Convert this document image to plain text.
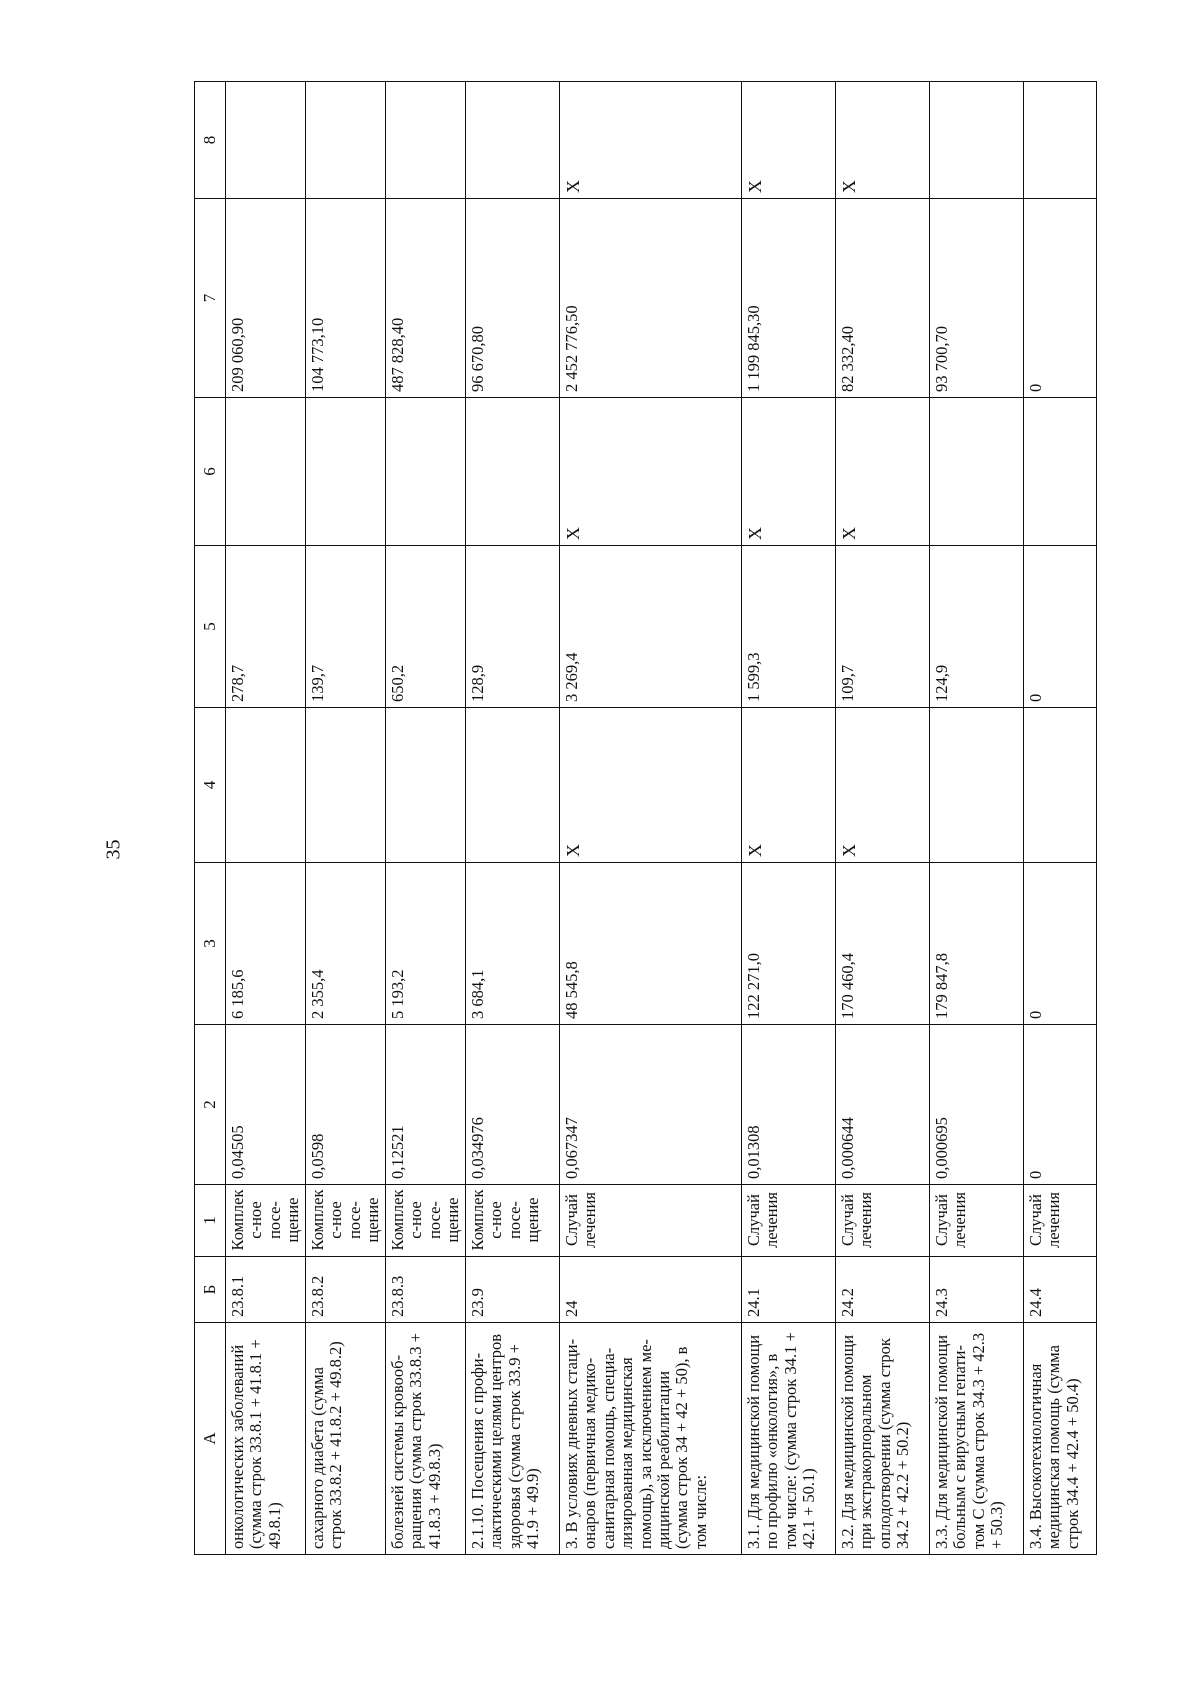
35
А	Б	1	2	3	4	5	6	7	8
онкологических заболеваний (сумма строк 33.8.1 + 41.8.1 + 49.8.1)	23.8.1	Комплекс-ное посе-щение	0,04505	6 185,6		278,7		209 060,90	
сахарного диабета (сумма строк 33.8.2 + 41.8.2 + 49.8.2)	23.8.2	Комплекс-ное посе-щение	0,0598	2 355,4		139,7		104 773,10	
болезней системы кровооб-ращения (сумма строк 33.8.3 + 41.8.3 + 49.8.3)	23.8.3	Комплекс-ное посе-щение	0,12521	5 193,2		650,2		487 828,40	
2.1.10. Посещения с профи-лактическими целями центров здоровья (сумма строк 33.9 + 41.9 + 49.9)	23.9	Комплекс-ное посе-щение	0,034976	3 684,1		128,9		96 670,80	
3. В условиях дневных стаци-онаров (первичная медико-санитарная помощь, специа-лизированная медицинская помощь), за исключением ме-дицинской реабилитации (сумма строк 34 + 42 + 50), в том числе:	24	Случай лечения	0,067347	48 545,8	Х	3 269,4	Х	2 452 776,50	Х
3.1. Для медицинской помощи по профилю «онкология», в том числе: (сумма строк 34.1 + 42.1 + 50.1)	24.1	Случай лечения	0,01308	122 271,0	Х	1 599,3	Х	1 199 845,30	Х
3.2. Для медицинской помощи при экстракорпоральном оплодотворении (сумма строк 34.2 + 42.2 + 50.2)	24.2	Случай лечения	0,000644	170 460,4	Х	109,7	Х	82 332,40	Х
3.3. Для медицинской помощи больным с вирусным гепати-том С (сумма строк 34.3 + 42.3 + 50.3)	24.3	Случай лечения	0,000695	179 847,8		124,9		93 700,70	
3.4. Высокотехнологичная медицинская помощь (сумма строк 34.4 + 42.4 + 50.4)	24.4	Случай лечения	0	0		0		0	
